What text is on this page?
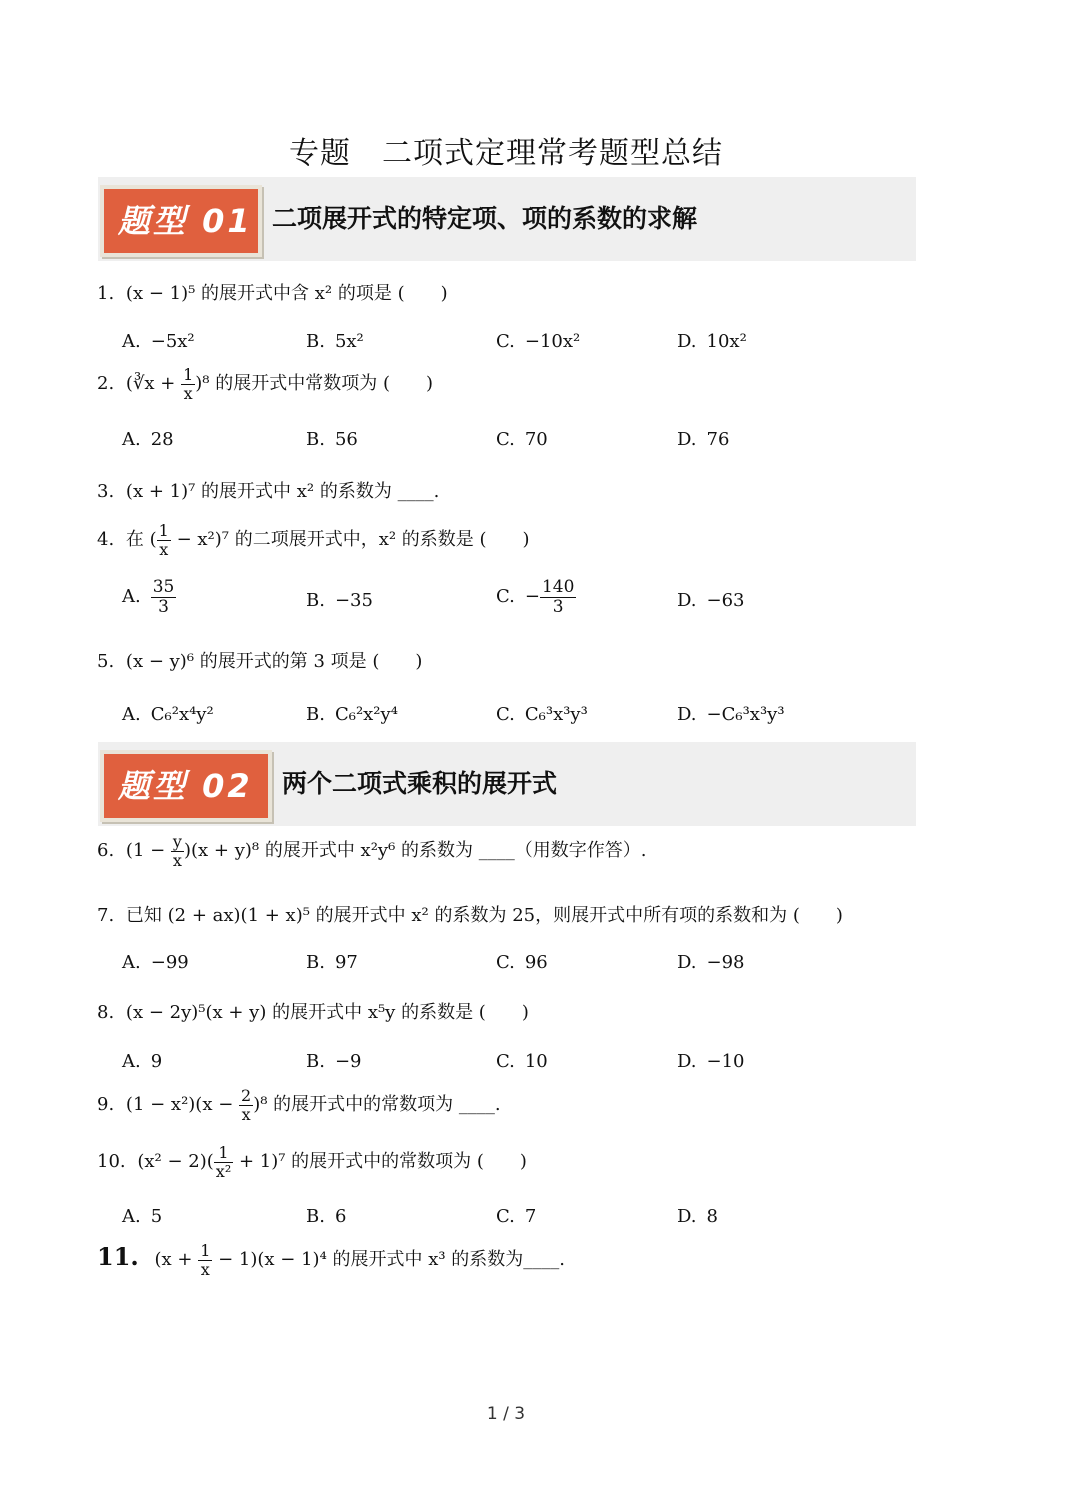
专题　二项式定理常考题型总结
题型 01 二项展开式的特定项、项的系数的求解
1. (x − 1)⁵ 的展开式中含 x² 的项是 (　　)
A. −5x²	B. 5x²	C. −10x²	D. 10x²
2. (∛x + $\frac{1}{x} )^8$ 的展开式中常数项为 (　　)
A. 28	B. 56	C. 70	D. 76
3. (x + 1)⁷ 的展开式中 x² 的系数为 ____.
4. 在 ( $\frac{1}{x} - x^2)^7$ 的二项展开式中，x² 的系数是 (　　)
A. $\frac{35}{3}$	B. −35	C. − $\frac{140}{3}$	D. −63
5. (x − y)⁶ 的展开式的第 3 项是 (　　)
A. C₆²x⁴y²	B. C₆²x²y⁴	C. C₆³x³y³	D. −C₆³x³y³
题型 02	两个二项式乘积的展开式
6. $(1 - \frac{y}{x} )(x + y)^8$ 的展开式中 x²y⁶ 的系数为 ____（用数字作答）.
7. 已知 (2 + ax)(1 + x)⁵ 的展开式中 x² 的系数为 25，则展开式中所有项的系数和为 (　　)
A. −99	B. 97	C. 96	D. −98
8. (x − 2y)⁵(x + y) 的展开式中 x⁵y 的系数是 (　　)
A. 9	B. −9	C. 10	D. −10
9. $(1 - x^2)(x - \frac{2}{x} )^8$ 的展开式中的常数项为 ____.
10. $(x^2 - 2)( \frac{1}{\text{x²}} + 1)^7$ 的展开式中的常数项为 (　　)
A. 5	B. 6	C. 7	D. 8
11. $(x + \frac{1}{x} - 1)(x - 1)^4$ 的展开式中 x³ 的系数为____.
1 / 3
